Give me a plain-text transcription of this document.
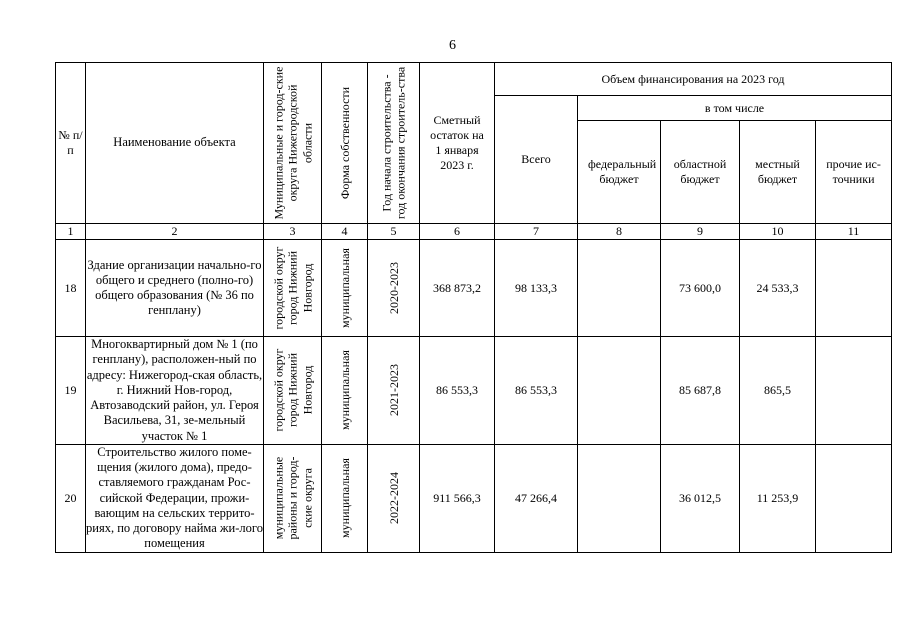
6
№ п/п	Наименование объекта	Муниципальные и город-ские округа Нижегородской области	Форма собственности	Год начала строительства - год окончания строитель-ства	Сметный остаток на 1 января 2023 г.	Объем финансирования на 2023 год				
						Всего	в том числе			

							федеральный бюджет	областной бюджет	местный бюджет	прочие ис-точники

1	2	3	4	5	6	7	8	9	10	11
18	Здание организации начально-го общего и среднего (полно-го) общего образования (№ 36 по генплану)	городской округ город Нижний Новгород	муниципальная	2020-2023	368 873,2	98 133,3		73 600,0	24 533,3	
19	Многоквартирный дом № 1 (по генплану), расположен-ный по адресу: Нижегород-ская область, г. Нижний Нов-город, Автозаводский район, ул. Героя Васильева, 31, зе-мельный участок № 1	городской округ город Нижний Новгород	муниципальная	2021-2023	86 553,3	86 553,3		85 687,8	865,5	
20	Строительство жилого поме-щения (жилого дома), предо-ставляемого гражданам Рос-сийской Федерации, прожи-вающим на сельских террито-риях, по договору найма жи-лого помещения	муниципальные районы и город-ские округа	муниципальная	2022-2024	911 566,3	47 266,4		36 012,5	11 253,9	
